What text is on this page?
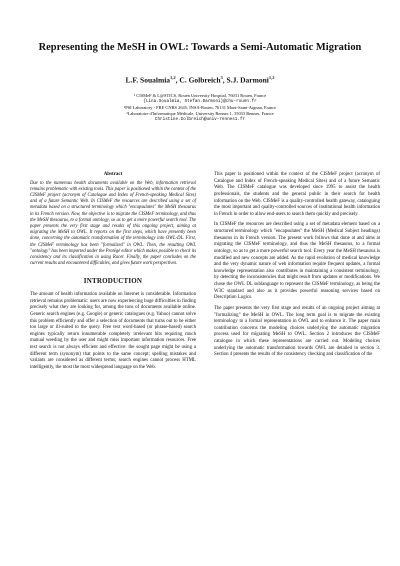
Representing the MeSH in OWL: Towards a Semi-Automatic Migration
L.F. Soualmia$^{1,2}$, C. Golbreich$^3$, S.J. Darmoni$^{1,2}$
¹ CISMeF & L@STICS, Rouen University Hospital, 76031 Rouen, France
{Lina.Soualmia, Stefan.Darmoni}@chu-rouen.fr
²PSI Laboratory - FRE CNRS 2645, INSA-Rouen, 76131 Mont-Saint-Aignan, France
³Laboratoire d'Informatique Médicale, University Rennes 1, 35033 Rennes, France
Christine.Golbreich@univ-rennes1.fr
Abstract

Due to the numerous health documents available on the Web, information retrieval remains problematic with existing tools. This paper is positioned within the context of the CISMeF project (acronym of Catalogue and Index of French-speaking Medical Sites) and of a future Semantic Web. In CISMeF the resources are described using a set of metadata based on a structured terminology which "encapsulates" the MeSH thesaurus in its French version. Now, the objective is to migrate the CISMeF terminology, and thus the MeSH thesaurus, to a formal ontology, so as to get a more powerful search tool. The paper presents the very first stage and results of this ongoing project, aiming at migrating the MeSH to OWL. It reports on the first steps, which have presently been done, concerning the automatic transformation of the terminology into OWL-DL. First, the CISMeF terminology has been "formalized" in OWL. Then, the resulting OWL "ontology" has been imported under the Protégé editor which makes possible to check its consistency and its classification in using Racer. Finally, the paper concludes on the current results and encountered difficulties, and gives future work perspectives.

INTRODUCTION

The amount of health information available on Internet is considerable. Information retrieval remains problematic: users are now experiencing huge difficulties in finding precisely what they are looking for, among the tons of documents available online. Generic search engines (e.g. Google) or generic catalogues (e.g. Yahoo) cannot solve this problem efficiently and offer a selection of documents that turns out to be either too large or ill-suited to the query. Free text word-based (or phrase-based) search engines typically return innumerable completely irrelevant hits requiring much manual weeding by the user and might miss important information resources. Free text search is not always efficient and effective: the sought page might be using a different term (synonym) that points to the same concept; spelling mistakes and variants are considered as different terms; search engines cannot process HTML intelligently, the most the most widespread language on the Web.

This paper is positioned within the context of the CISMeF project (acronym of Catalogue and Index of French-speaking Medical Sites) and of a future Semantic Web. The CISMeF catalogue was developed since 1995 to assist the health professionals, the students and the general public in their search for health information on the Web. CISMeF is a quality-controlled health gateway, cataloguing the most important and quality-controlled sources of institutional health information in French in order to allow end-users to search them quickly and precisely.

In CISMeF the resources are described using a set of metadata element based on a structured terminology which "encapsulates" the MeSH (Medical Subject headings) thesaurus in its French version. The present work follows that done at and aims at migrating the CISMeF terminology, and thus the MeSH thesaurus, to a formal ontology, so as to get a more powerful search tool. Every year the MeSH thesaurus is modified and new concepts are added. As the rapid evolution of medical knowledge and the very dynamic nature of web information require frequent updates, a formal knowledge representation also contributes in maintaining a consistent terminology, by detecting the inconsistencies that might result from updates or modifications. We chose the OWL DL sublanguage to represent the CISMeF terminology, as being the W3C standard and also as it provides powerful reasoning services based on Description Logics.

The paper presents the very first stage and results of an ongoing project aiming at "formalizing" the MeSH in OWL. The long term goal is to migrate the existing terminology to a formal representation in OWL and to enhance it. The paper main contribution concerns the modeling choices underlying the automatic migration process used for migrating MeSH to OWL. Section 2 introduces the CISMeF catalogue in which these representations are carried out. Modeling choices underlying the automatic transformation towards OWL are detailed in section 3. Section 4 presents the results of the consistency checking and classification of the
